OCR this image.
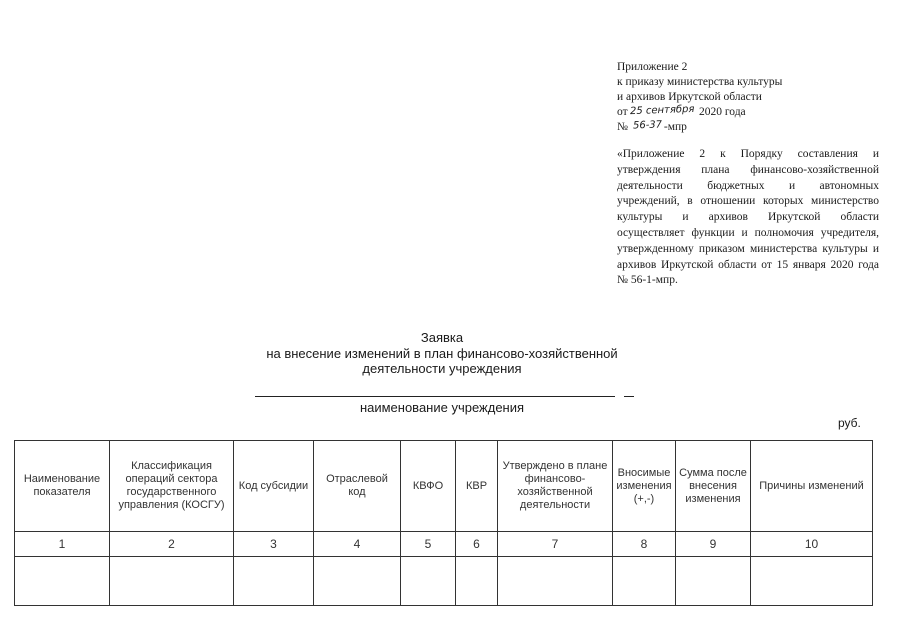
Приложение 2
к приказу министерства культуры
и архивов Иркутской области
от 25 сентября 2020 года
№ 56-37 -мпр
«Приложение 2 к Порядку составления и утверждения плана финансово-хозяйственной деятельности бюджетных и автономных учреждений, в отношении которых министерство культуры и архивов Иркутской области осуществляет функции и полномочия учредителя, утвержденному приказом министерства культуры и архивов Иркутской области от 15 января 2020 года № 56-1-мпр.
Заявка
на внесение изменений в план финансово-хозяйственной
деятельности учреждения
наименование учреждения
руб.
Наименование показателя	Классификация операций сектора государственного управления (КОСГУ)	Код субсидии	Отраслевой код	КВФО	КВР	Утверждено в плане финансово-хозяйственной деятельности	Вносимые изменения (+,-)	Сумма после внесения изменения	Причины изменений
1	2	3	4	5	6	7	8	9	10
